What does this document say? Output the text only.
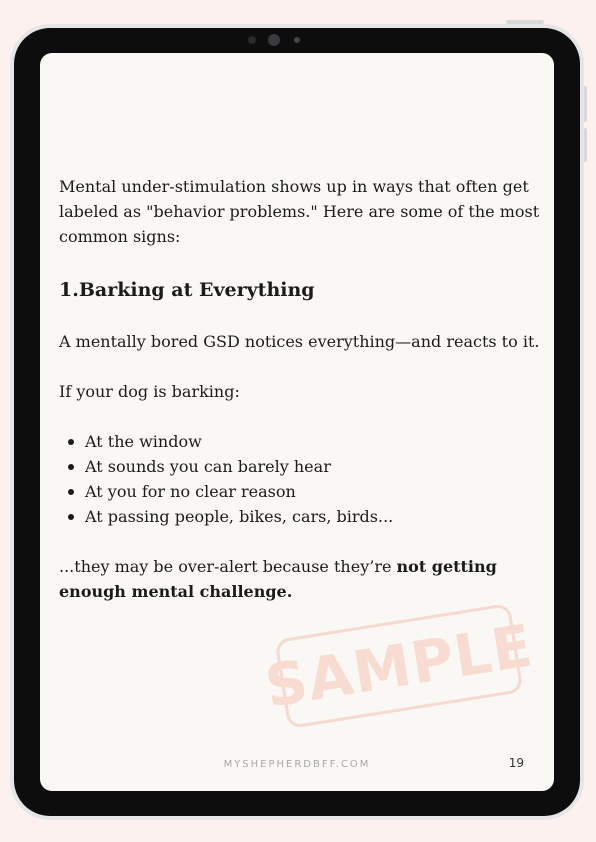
Mental under-stimulation shows up in ways that often get labeled as "behavior problems." Here are some of the most common signs:

1.Barking at Everything

A mentally bored GSD notices everything—and reacts to it.

If your dog is barking:

At the window
At sounds you can barely hear
At you for no clear reason
At passing people, bikes, cars, birds...

...they may be over-alert because they’re not getting enough mental challenge.

SAMPLE
MYSHEPHERDBFF.COM	19
